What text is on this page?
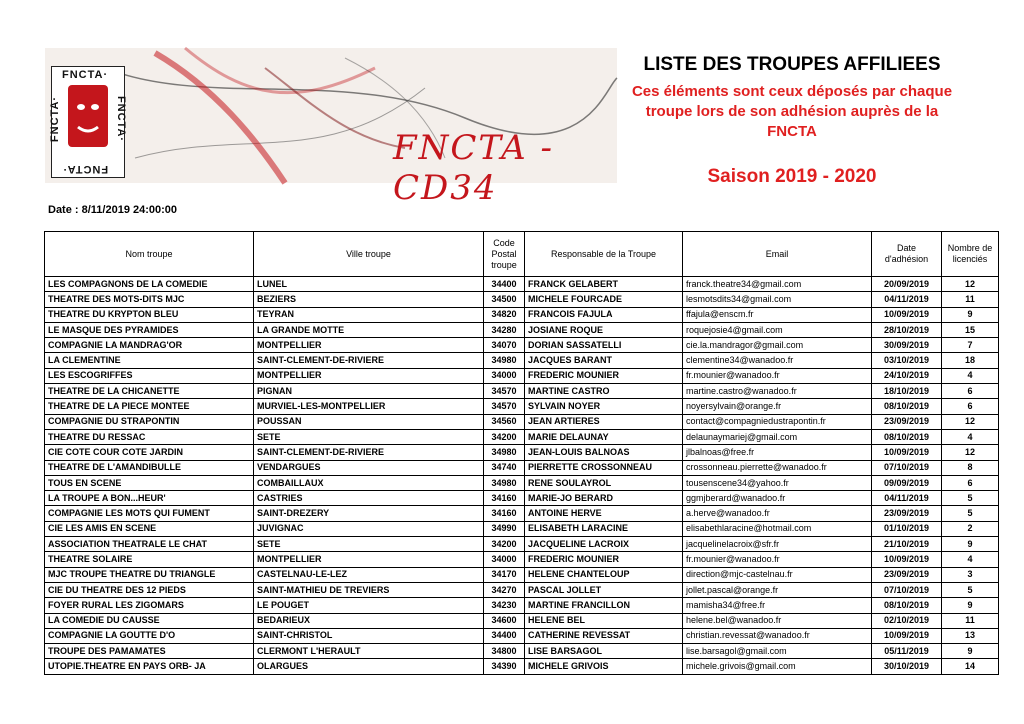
FNCTA·
FNCTA·	FNCTA·
FNCTA·
FNCTA - CD34
LISTE DES TROUPES AFFILIEES
Ces éléments sont ceux déposés par chaque troupe lors de son adhésion auprès de la FNCTA
Saison 2019 - 2020
Date : 8/11/2019 24:00:00
Nom troupe	Ville troupe	Code Postal troupe	Responsable de la Troupe	Email	Date d'adhésion	Nombre de licenciés
LES COMPAGNONS DE LA COMEDIE	LUNEL	34400	FRANCK GELABERT	franck.theatre34@gmail.com	20/09/2019	12
THEATRE DES MOTS-DITS MJC	BEZIERS	34500	MICHELE FOURCADE	lesmotsdits34@gmail.com	04/11/2019	11
THEATRE DU KRYPTON BLEU	TEYRAN	34820	FRANCOIS FAJULA	ffajula@enscm.fr	10/09/2019	9
LE MASQUE DES PYRAMIDES	LA GRANDE MOTTE	34280	JOSIANE ROQUE	roquejosie4@gmail.com	28/10/2019	15
COMPAGNIE LA MANDRAG'OR	MONTPELLIER	34070	DORIAN SASSATELLI	cie.la.mandragor@gmail.com	30/09/2019	7
LA CLEMENTINE	SAINT-CLEMENT-DE-RIVIERE	34980	JACQUES BARANT	clementine34@wanadoo.fr	03/10/2019	18
LES ESCOGRIFFES	MONTPELLIER	34000	FREDERIC MOUNIER	fr.mounier@wanadoo.fr	24/10/2019	4
THEATRE DE LA CHICANETTE	PIGNAN	34570	MARTINE CASTRO	martine.castro@wanadoo.fr	18/10/2019	6
THEATRE DE LA PIECE MONTEE	MURVIEL-LES-MONTPELLIER	34570	SYLVAIN NOYER	noyersylvain@orange.fr	08/10/2019	6
COMPAGNIE DU STRAPONTIN	POUSSAN	34560	JEAN ARTIERES	contact@compagniedustrapontin.fr	23/09/2019	12
THEATRE DU RESSAC	SETE	34200	MARIE DELAUNAY	delaunaymariej@gmail.com	08/10/2019	4
CIE COTE COUR COTE JARDIN	SAINT-CLEMENT-DE-RIVIERE	34980	JEAN-LOUIS BALNOAS	jlbalnoas@free.fr	10/09/2019	12
THEATRE DE L'AMANDIBULLE	VENDARGUES	34740	PIERRETTE CROSSONNEAU	crossonneau.pierrette@wanadoo.fr	07/10/2019	8
TOUS EN SCENE	COMBAILLAUX	34980	RENE SOULAYROL	tousenscene34@yahoo.fr	09/09/2019	6
LA TROUPE A BON...HEUR'	CASTRIES	34160	MARIE-JO BERARD	ggmjberard@wanadoo.fr	04/11/2019	5
COMPAGNIE LES MOTS QUI FUMENT	SAINT-DREZERY	34160	ANTOINE HERVE	a.herve@wanadoo.fr	23/09/2019	5
CIE LES AMIS EN SCENE	JUVIGNAC	34990	ELISABETH LARACINE	elisabethlaracine@hotmail.com	01/10/2019	2
ASSOCIATION THEATRALE LE CHAT	SETE	34200	JACQUELINE LACROIX	jacquelinelacroix@sfr.fr	21/10/2019	9
THEATRE SOLAIRE	MONTPELLIER	34000	FREDERIC MOUNIER	fr.mounier@wanadoo.fr	10/09/2019	4
MJC TROUPE THEATRE DU TRIANGLE	CASTELNAU-LE-LEZ	34170	HELENE CHANTELOUP	direction@mjc-castelnau.fr	23/09/2019	3
CIE DU THEATRE DES 12 PIEDS	SAINT-MATHIEU DE TREVIERS	34270	PASCAL JOLLET	jollet.pascal@orange.fr	07/10/2019	5
FOYER RURAL LES ZIGOMARS	LE POUGET	34230	MARTINE FRANCILLON	mamisha34@free.fr	08/10/2019	9
LA COMEDIE DU CAUSSE	BEDARIEUX	34600	HELENE BEL	helene.bel@wanadoo.fr	02/10/2019	11
COMPAGNIE LA GOUTTE D'O	SAINT-CHRISTOL	34400	CATHERINE REVESSAT	christian.revessat@wanadoo.fr	10/09/2019	13
TROUPE DES PAMAMATES	CLERMONT L'HERAULT	34800	LISE BARSAGOL	lise.barsagol@gmail.com	05/11/2019	9
UTOPIE.THEATRE EN PAYS ORB- JA	OLARGUES	34390	MICHELE GRIVOIS	michele.grivois@gmail.com	30/10/2019	14
